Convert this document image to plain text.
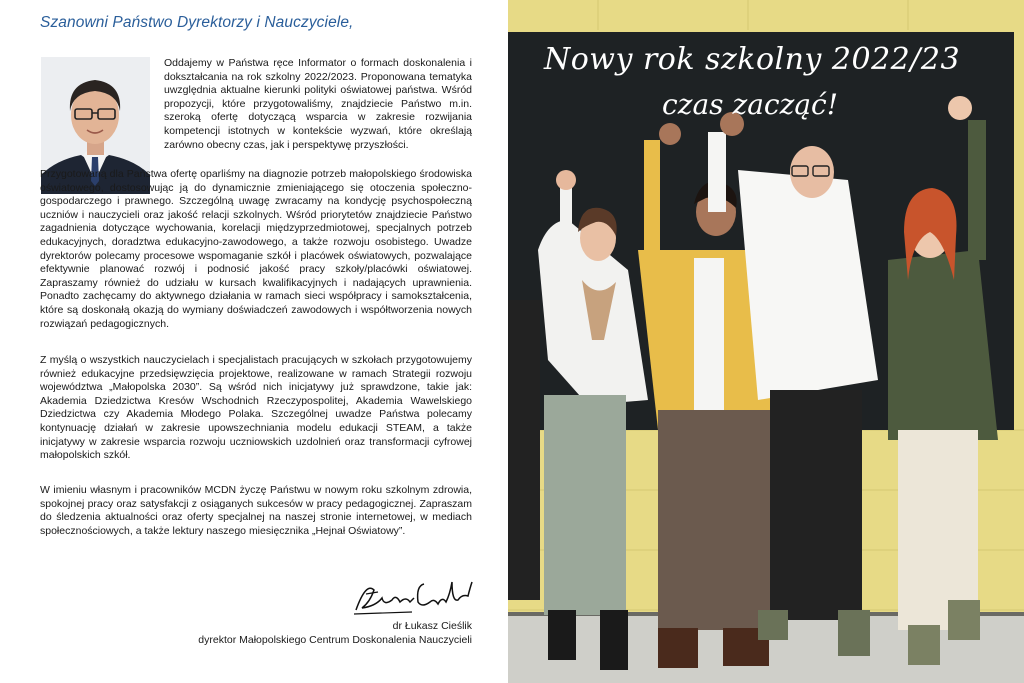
Szanowni Państwo Dyrektorzy i Nauczyciele,

Oddajemy w Państwa ręce Informator o formach doskonalenia i dokształcania na rok szkolny 2022/2023. Proponowana tematyka uwzględnia aktualne kierunki polityki oświatowej państwa. Wśród propozycji, które przygotowaliśmy, znajdziecie Państwo m.in. szeroką ofertę dotyczącą wsparcia w zakresie rozwijania kompetencji istotnych w kontekście wyzwań, które określają zarówno obecny czas, jak i perspektywę przyszłości.

Przygotowaną dla Państwa ofertę oparliśmy na diagnozie potrzeb małopolskiego środowiska oświatowego, dostosowując ją do dynamicznie zmieniającego się otoczenia społeczno-gospodarczego i prawnego. Szczególną uwagę zwracamy na kondycję psychospołeczną uczniów i nauczycieli oraz jakość relacji szkolnych. Wśród priorytetów znajdziecie Państwo zagadnienia dotyczące wychowania, korelacji międzyprzedmiotowej, specjalnych potrzeb edukacyjnych, doradztwa edukacyjno-zawodowego, a także rozwoju osobistego. Uwadze dyrektorów polecamy procesowe wspomaganie szkół i placówek oświatowych, pozwalające efektywnie planować rozwój i podnosić jakość pracy szkoły/placówki oświatowej. Zapraszamy również do udziału w kursach kwalifikacyjnych i nadających uprawnienia. Ponadto zachęcamy do aktywnego działania w ramach sieci współpracy i samokształcenia, które są doskonałą okazją do wymiany doświadczeń zawodowych i współtworzenia nowych rozwiązań pedagogicznych.

Z myślą o wszystkich nauczycielach i specjalistach pracujących w szkołach przygotowujemy również edukacyjne przedsięwzięcia projektowe, realizowane w ramach Strategii rozwoju województwa „Małopolska 2030”. Są wśród nich inicjatywy już sprawdzone, takie jak: Akademia Dziedzictwa Kresów Wschodnich Rzeczypospolitej, Akademia Wawelskiego Dziedzictwa czy Akademia Młodego Polaka. Szczególnej uwadze Państwa polecamy kontynuację działań w zakresie upowszechniania modelu edukacji STEAM, a także inicjatywy w zakresie wsparcia rozwoju uczniowskich uzdolnień oraz transformacji cyfrowej małopolskich szkół.

W imieniu własnym i pracowników MCDN życzę Państwu w nowym roku szkolnym zdrowia, spokojnej pracy oraz satysfakcji z osiąganych sukcesów w pracy pedagogicznej. Zapraszam do śledzenia aktualności oraz oferty specjalnej na naszej stronie internetowej, w mediach społecznościowych, a także lektury naszego miesięcznika „Hejnał Oświatowy”.

dr Łukasz Cieślik
dyrektor Małopolskiego Centrum Doskonalenia Nauczycieli
Nowy rok szkolny 2022/23
czas zacząć!
